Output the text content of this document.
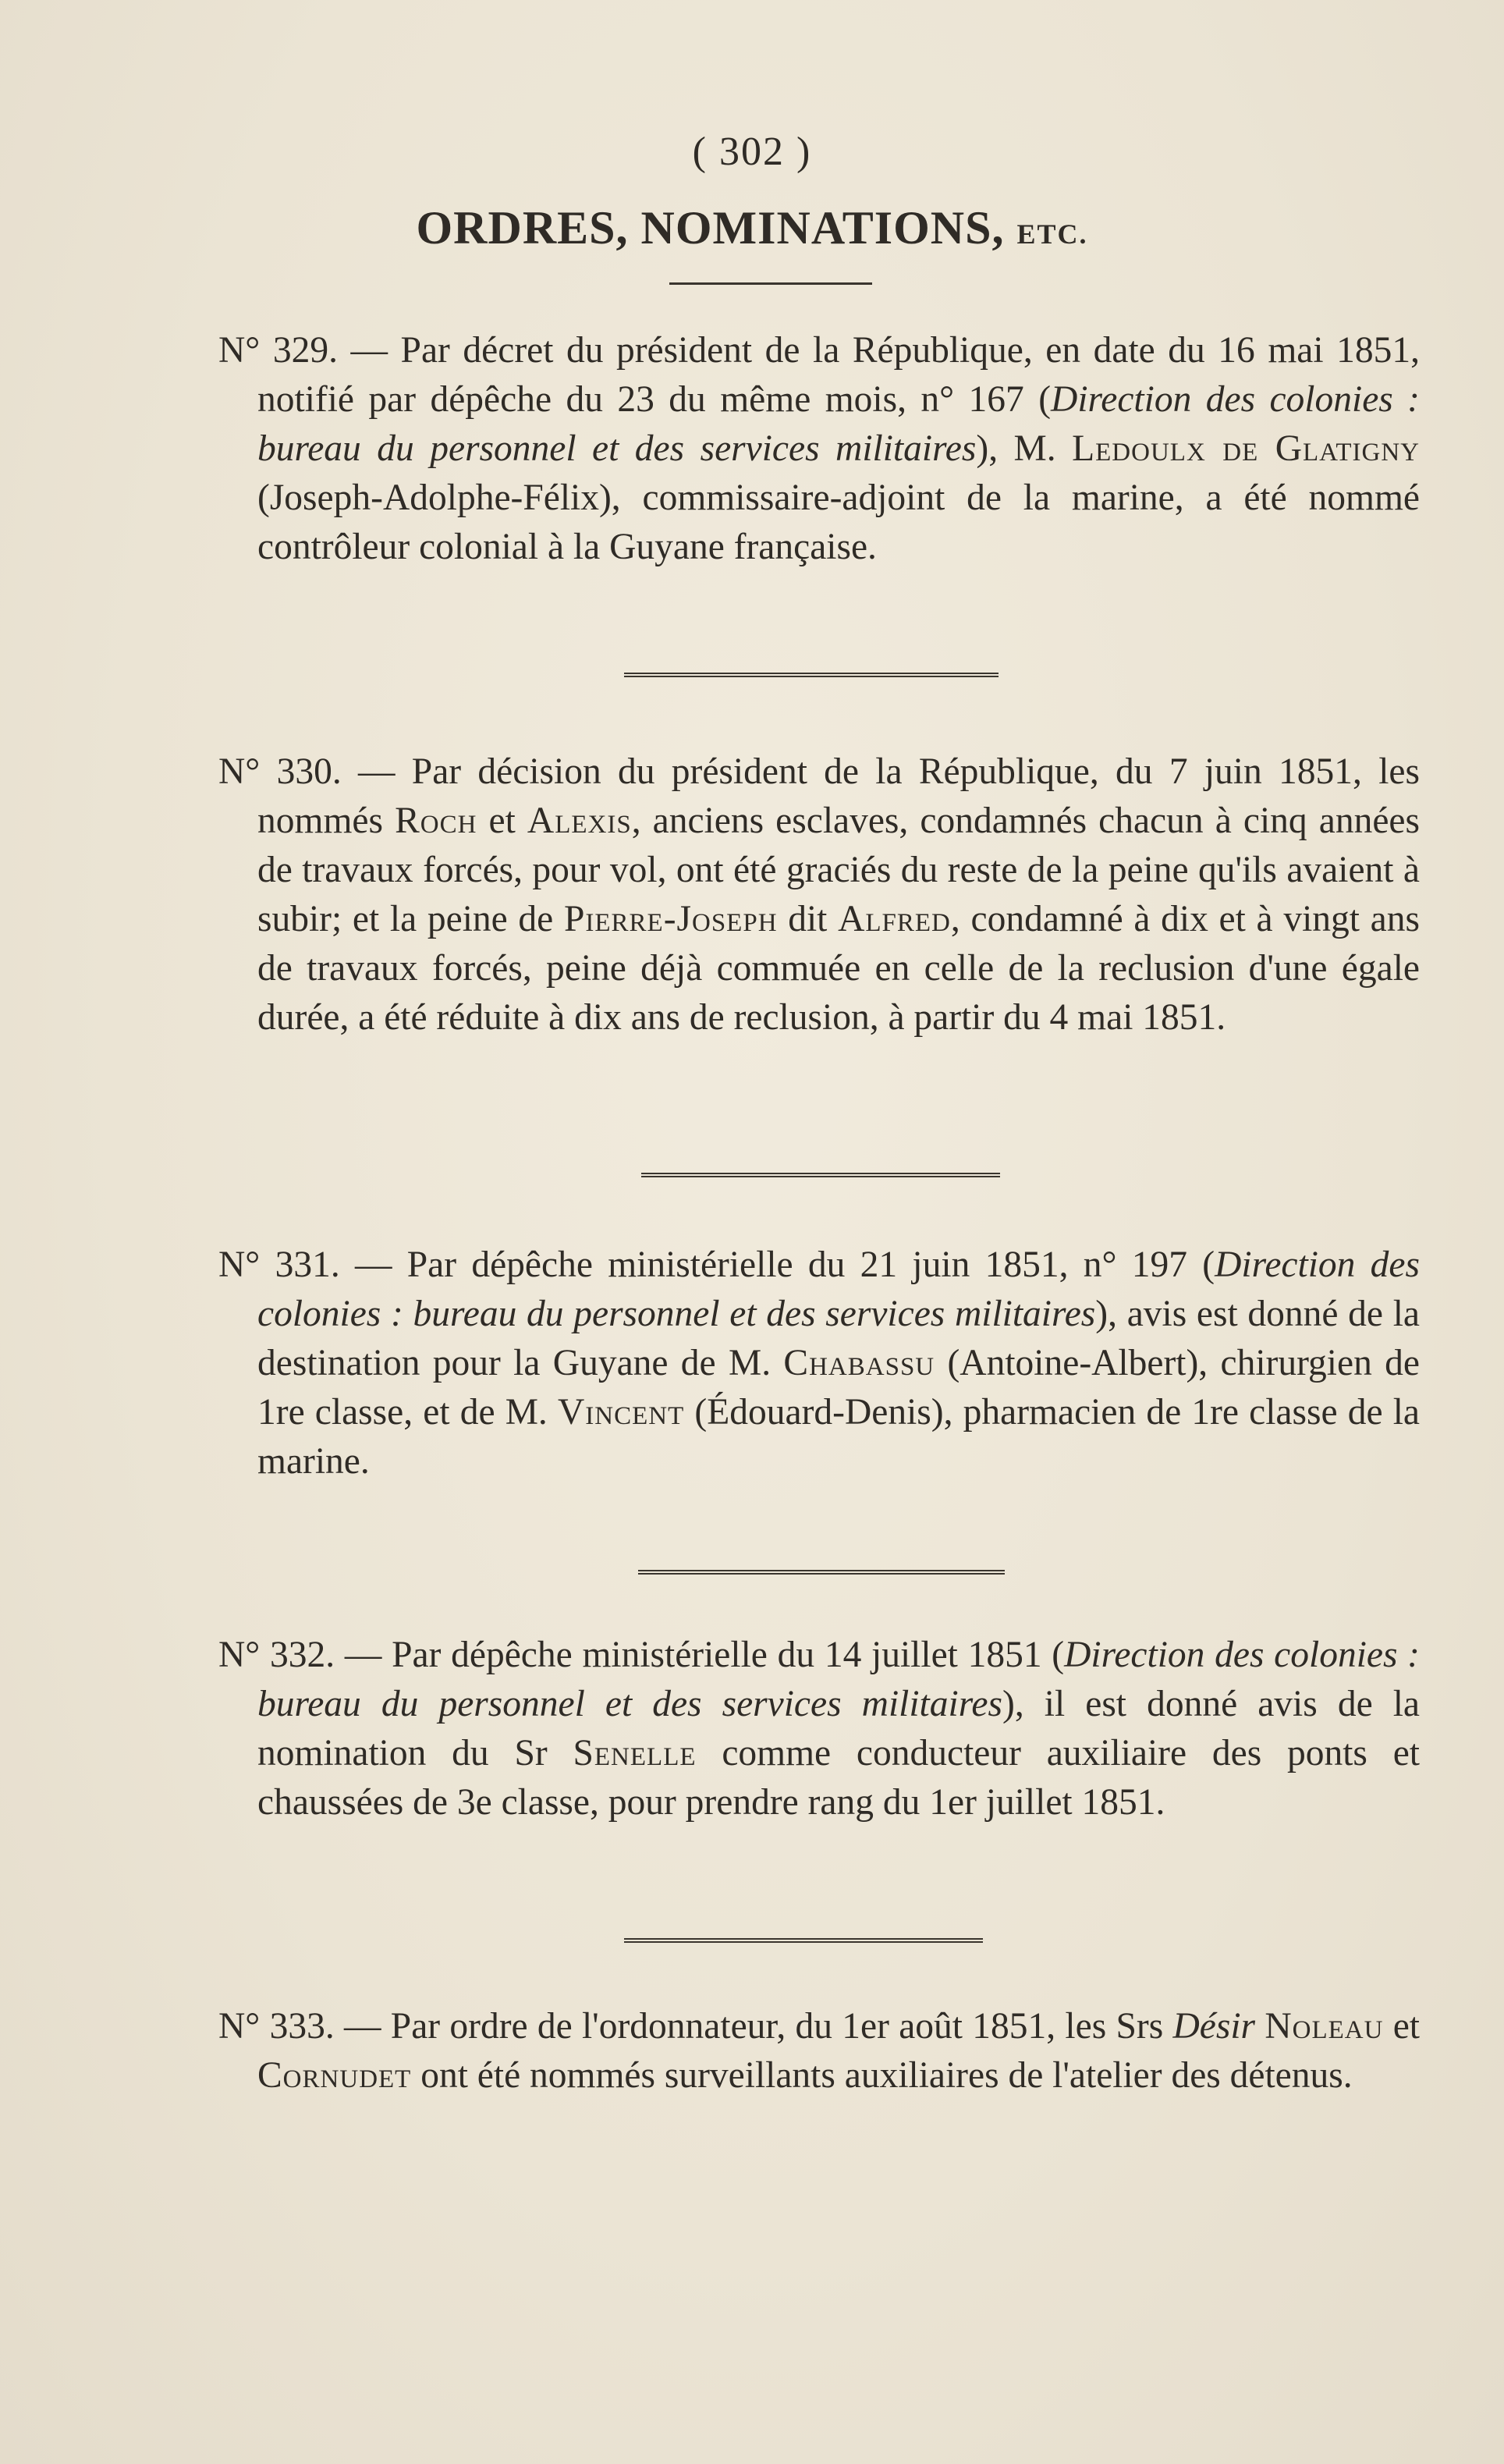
( 302 )
ORDRES, NOMINATIONS, ETC.

N° 329. — Par décret du président de la République, en date du 16 mai 1851, notifié par dépêche du 23 du même mois, n° 167 (Direction des colonies : bureau du personnel et des services militaires), M. Ledoulx de Glatigny (Joseph-Adolphe-Félix), commissaire-adjoint de la marine, a été nommé contrôleur colonial à la Guyane française.

N° 330. — Par décision du président de la République, du 7 juin 1851, les nommés Roch et Alexis, anciens esclaves, condamnés chacun à cinq années de travaux forcés, pour vol, ont été graciés du reste de la peine qu'ils avaient à subir; et la peine de Pierre-Joseph dit Alfred, condamné à dix et à vingt ans de travaux forcés, peine déjà commuée en celle de la reclusion d'une égale durée, a été réduite à dix ans de reclusion, à partir du 4 mai 1851.

N° 331. — Par dépêche ministérielle du 21 juin 1851, n° 197 (Direction des colonies : bureau du personnel et des services militaires), avis est donné de la destination pour la Guyane de M. Chabassu (Antoine-Albert), chirurgien de 1re classe, et de M. Vincent (Édouard-Denis), pharmacien de 1re classe de la marine.

N° 332. — Par dépêche ministérielle du 14 juillet 1851 (Direction des colonies : bureau du personnel et des services militaires), il est donné avis de la nomination du Sr Senelle comme conducteur auxiliaire des ponts et chaussées de 3e classe, pour prendre rang du 1er juillet 1851.

N° 333. — Par ordre de l'ordonnateur, du 1er août 1851, les Srs Désir Noleau et Cornudet ont été nommés surveillants auxiliaires de l'atelier des détenus.
